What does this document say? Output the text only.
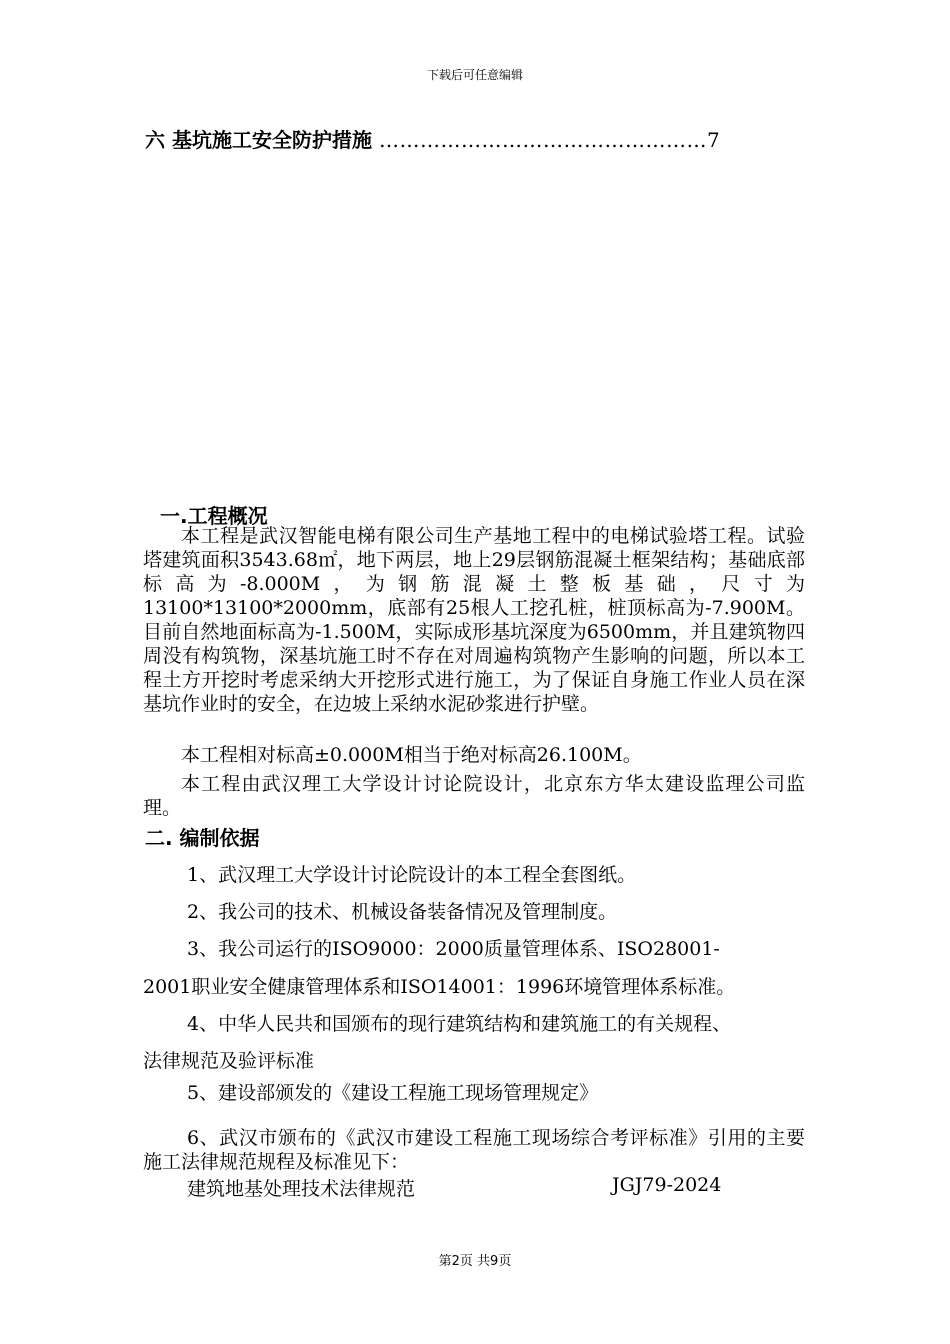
下载后可任意编辑
六 基坑施工安全防护措施 …………………………………………7
一.工程概况
本工程是武汉智能电梯有限公司生产基地工程中的电梯试验塔工程。试验塔建筑面积3543.68㎡，地下两层，地上29层钢筋混凝土框架结构；基础底部标高为-8.000M，为钢筋混凝土整板基础，尺寸为13100*13100*2000mm，底部有25根人工挖孔桩，桩顶标高为-7.900M。目前自然地面标高为-1.500M，实际成形基坑深度为6500mm，并且建筑物四周没有构筑物，深基坑施工时不存在对周遍构筑物产生影响的问题，所以本工程土方开挖时考虑采纳大开挖形式进行施工，为了保证自身施工作业人员在深基坑作业时的安全，在边坡上采纳水泥砂浆进行护壁。
本工程相对标高±0.000M相当于绝对标高26.100M。
本工程由武汉理工大学设计讨论院设计，北京东方华太建设监理公司监理。
二. 编制依据
1、武汉理工大学设计讨论院设计的本工程全套图纸。
2、我公司的技术、机械设备装备情况及管理制度。
3、我公司运行的ISO9000：2000质量管理体系、ISO28001-
2001职业安全健康管理体系和ISO14001：1996环境管理体系标准。
4、中华人民共和国颁布的现行建筑结构和建筑施工的有关规程、
法律规范及验评标准
5、建设部颁发的《建设工程施工现场管理规定》
6、武汉市颁布的《武汉市建设工程施工现场综合考评标准》引用的主要施工法律规范规程及标准见下：
建筑地基处理技术法律规范	JGJ79-2024
第2页 共9页
